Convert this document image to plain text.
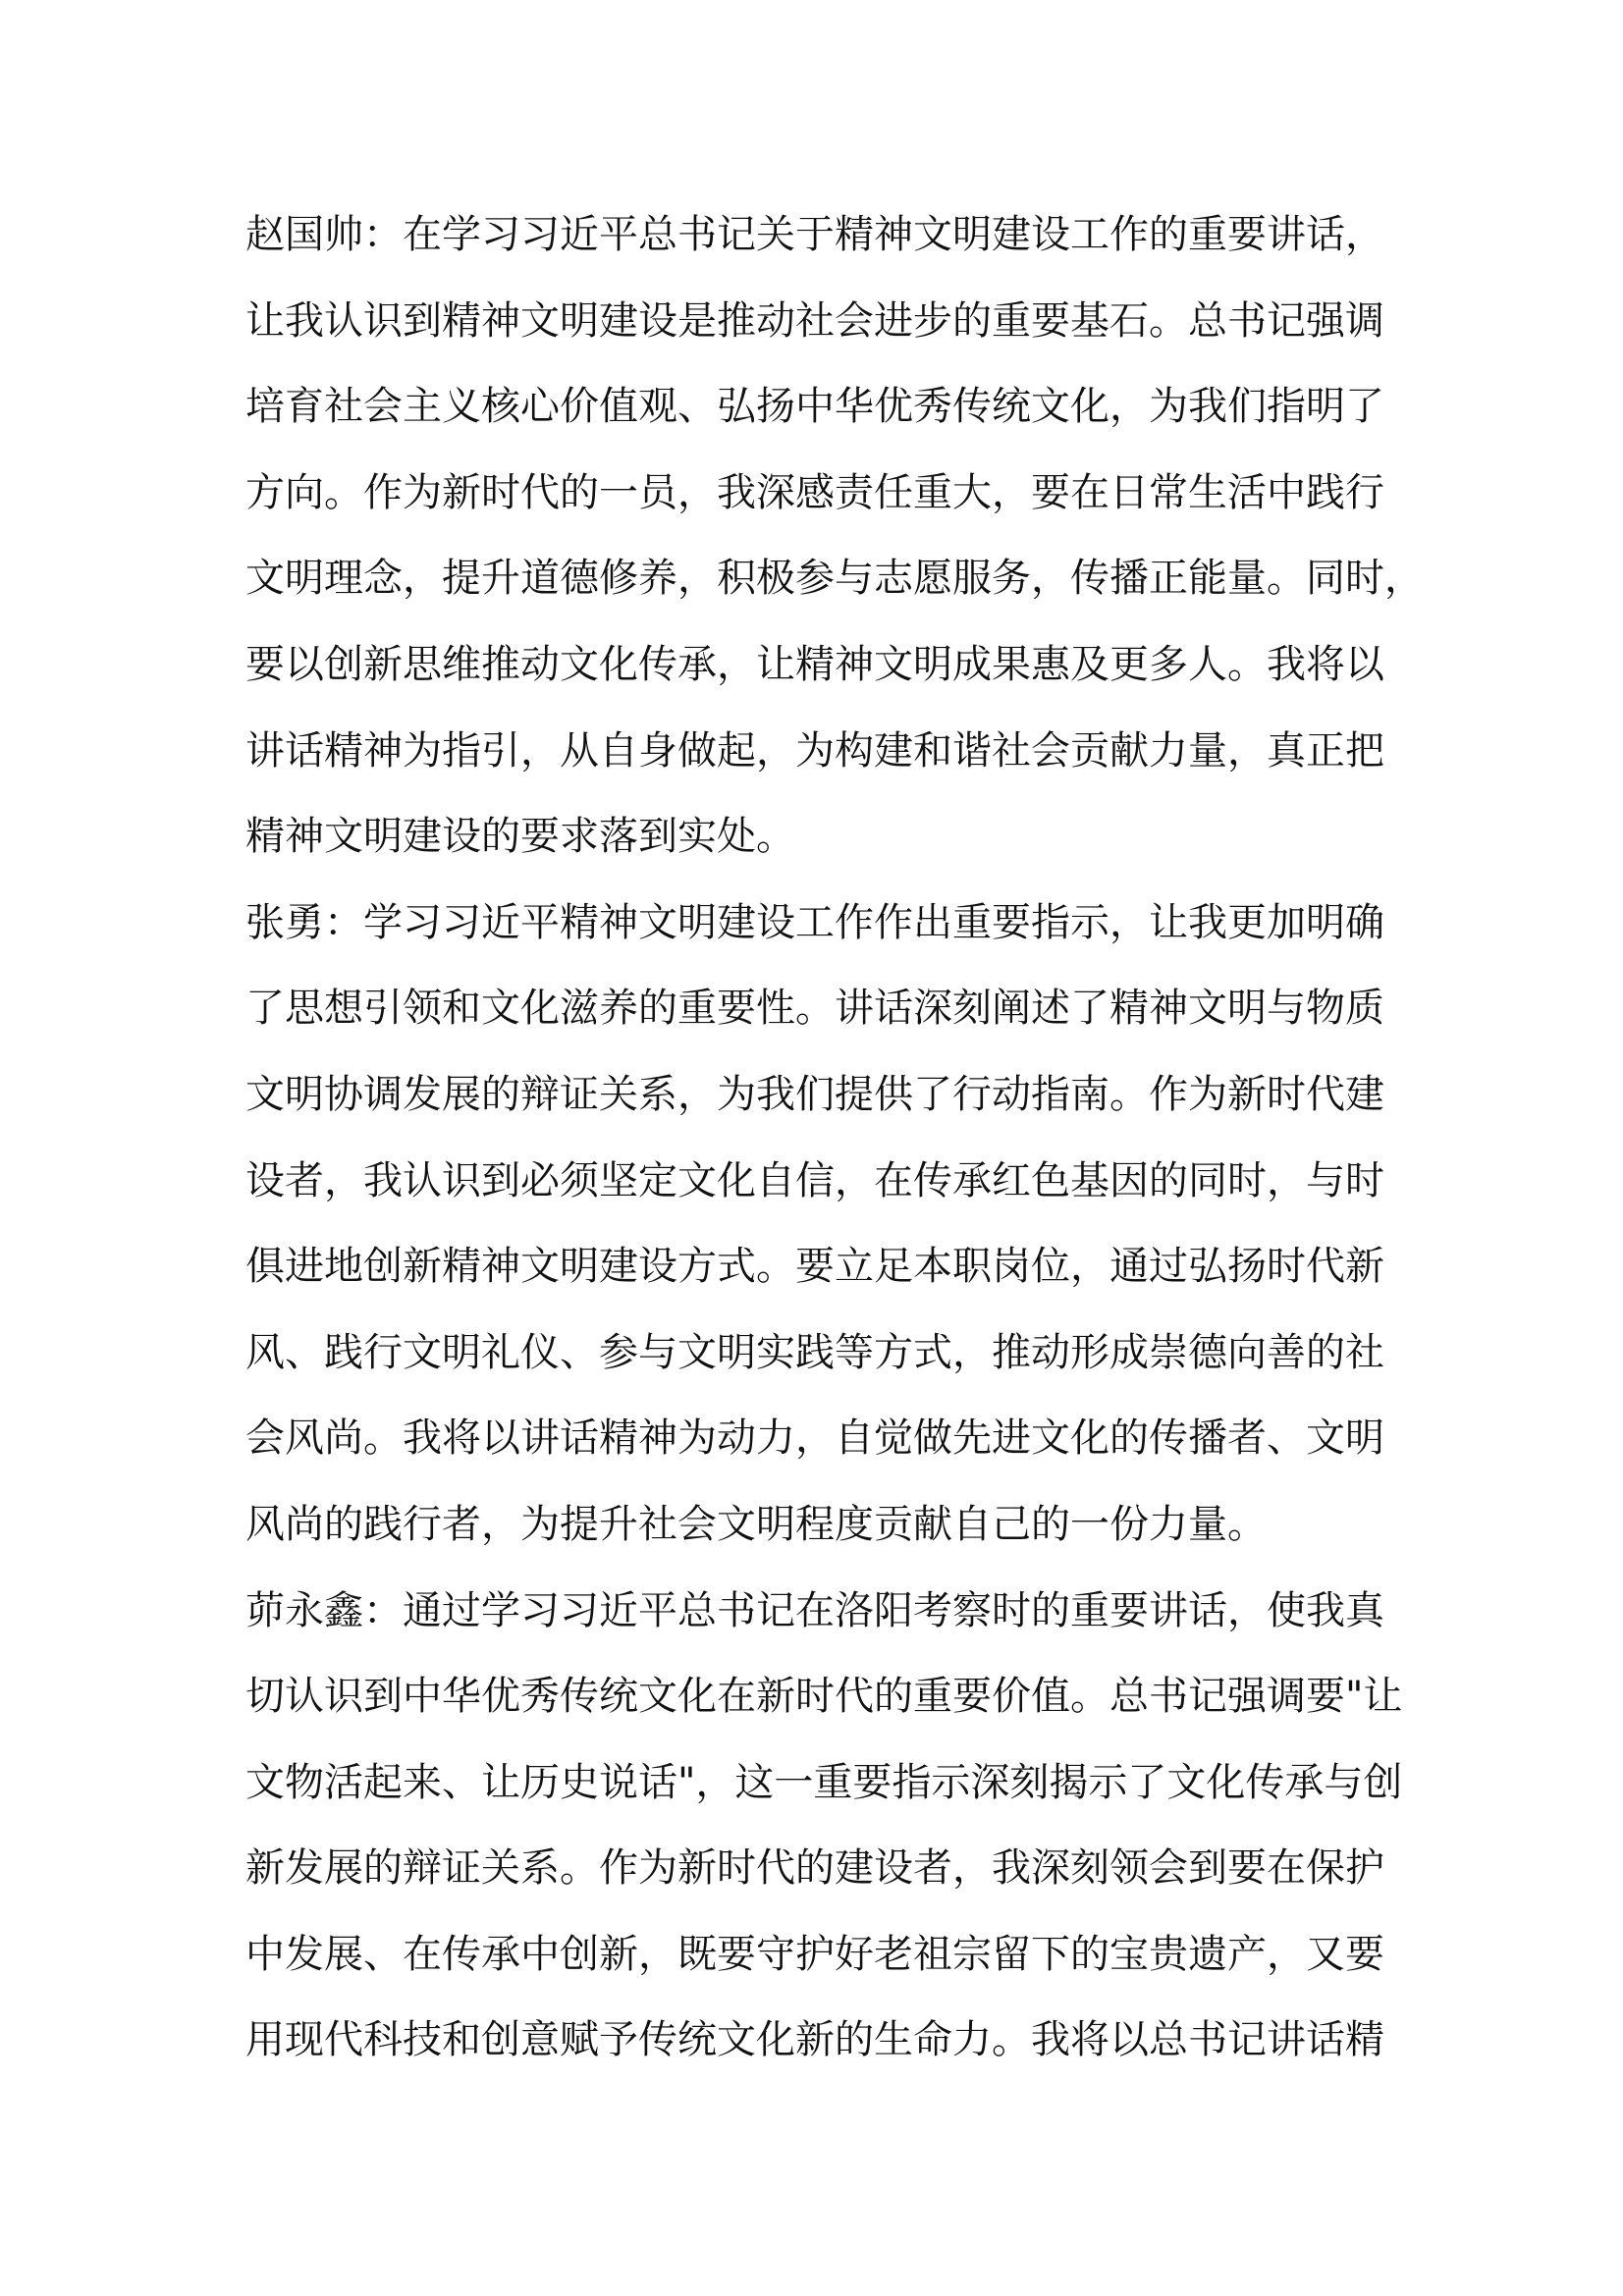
赵国帅：在学习习近平总书记关于精神文明建设工作的重要讲话，
让我认识到精神文明建设是推动社会进步的重要基石。总书记强调
培育社会主义核心价值观、弘扬中华优秀传统文化，为我们指明了
方向。作为新时代的一员，我深感责任重大，要在日常生活中践行
文明理念，提升道德修养，积极参与志愿服务，传播正能量。同时，
要以创新思维推动文化传承，让精神文明成果惠及更多人。我将以
讲话精神为指引，从自身做起，为构建和谐社会贡献力量，真正把
精神文明建设的要求落到实处。
张勇：学习习近平精神文明建设工作作出重要指示，让我更加明确
了思想引领和文化滋养的重要性。讲话深刻阐述了精神文明与物质
文明协调发展的辩证关系，为我们提供了行动指南。作为新时代建
设者，我认识到必须坚定文化自信，在传承红色基因的同时，与时
俱进地创新精神文明建设方式。要立足本职岗位，通过弘扬时代新
风、践行文明礼仪、参与文明实践等方式，推动形成崇德向善的社
会风尚。我将以讲话精神为动力，自觉做先进文化的传播者、文明
风尚的践行者，为提升社会文明程度贡献自己的一份力量。
茆永鑫：通过学习习近平总书记在洛阳考察时的重要讲话，使我真
切认识到中华优秀传统文化在新时代的重要价值。总书记强调要"让
文物活起来、让历史说话"，这一重要指示深刻揭示了文化传承与创
新发展的辩证关系。作为新时代的建设者，我深刻领会到要在保护
中发展、在传承中创新，既要守护好老祖宗留下的宝贵遗产，又要
用现代科技和创意赋予传统文化新的生命力。我将以总书记讲话精
